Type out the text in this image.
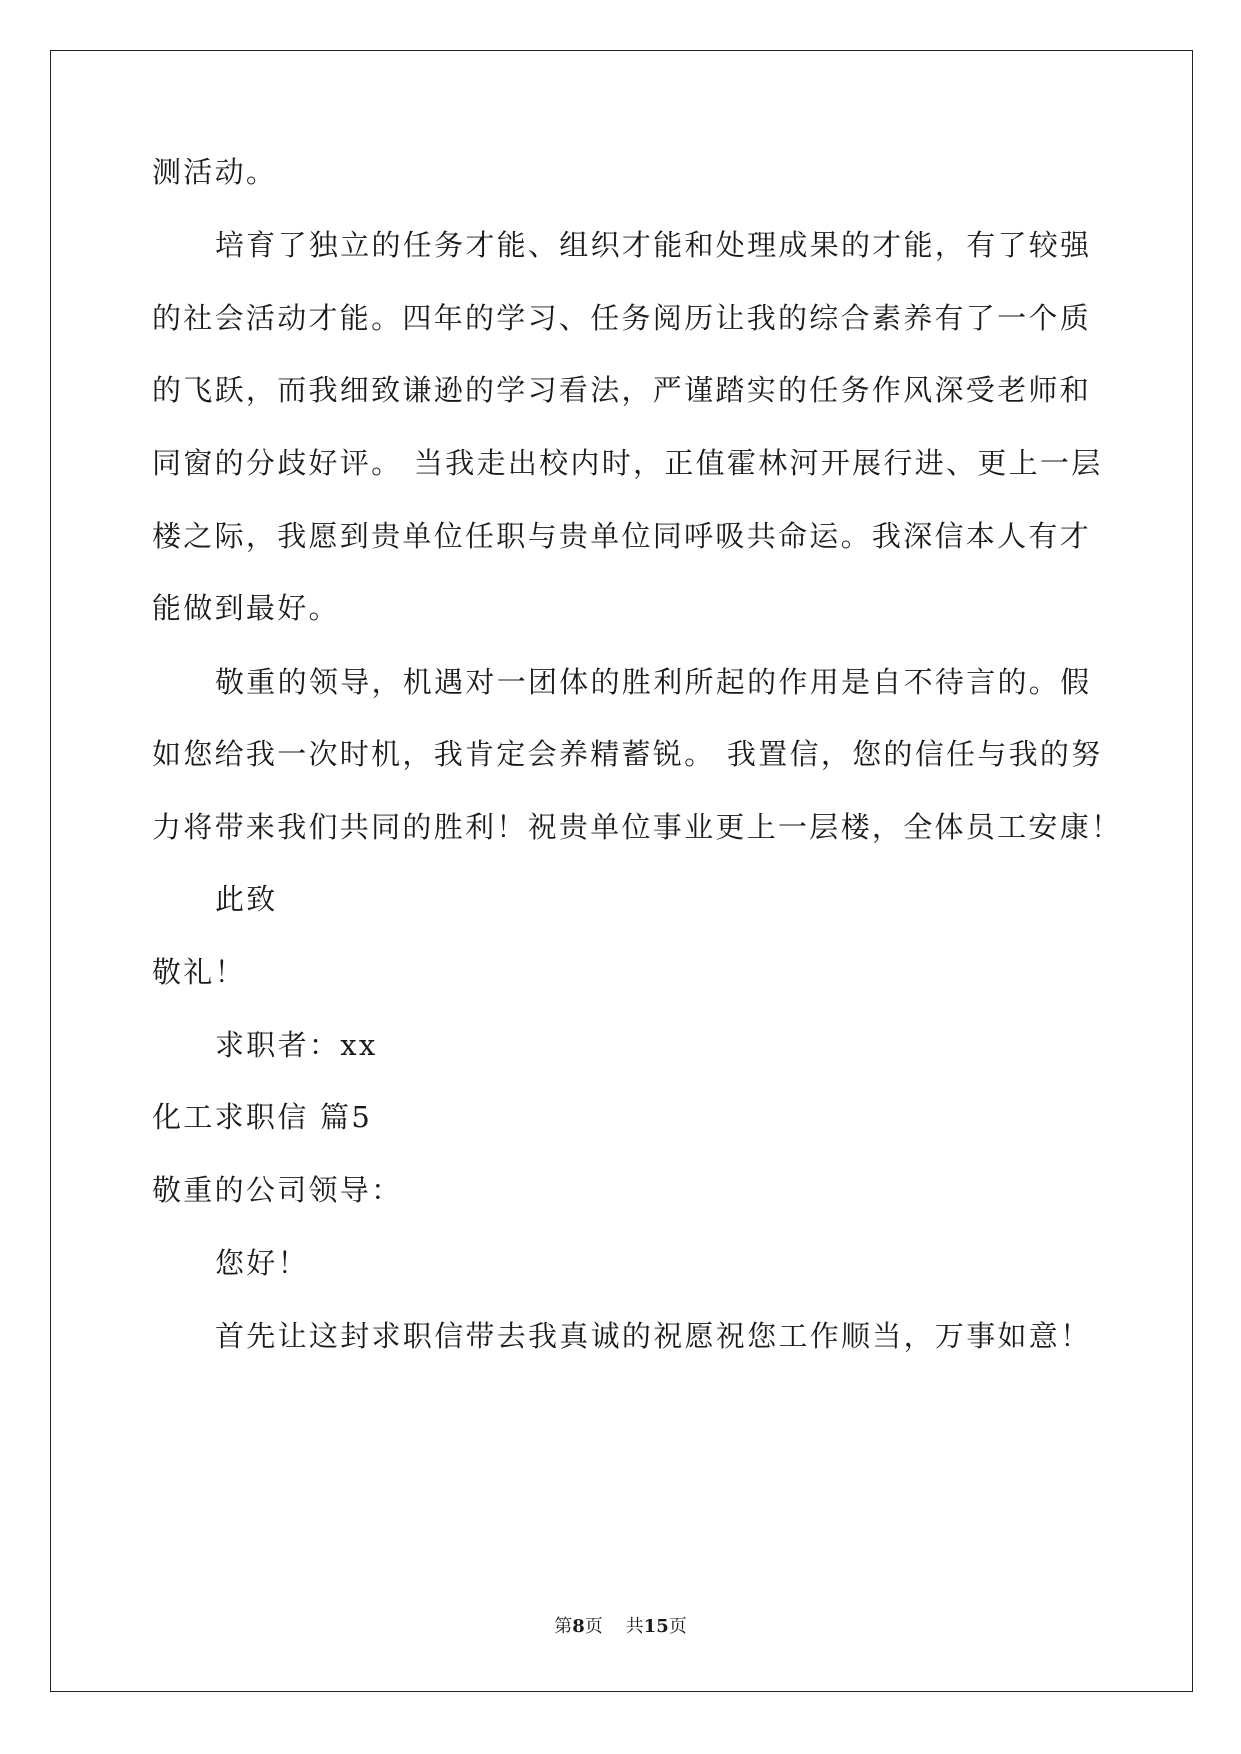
测活动。
培育了独立的任务才能、组织才能和处理成果的才能，有了较强
的社会活动才能。四年的学习、任务阅历让我的综合素养有了一个质
的飞跃，而我细致谦逊的学习看法，严谨踏实的任务作风深受老师和
同窗的分歧好评。 当我走出校内时，正值霍林河开展行进、更上一层
楼之际，我愿到贵单位任职与贵单位同呼吸共命运。我深信本人有才
能做到最好。
敬重的领导，机遇对一团体的胜利所起的作用是自不待言的。假
如您给我一次时机，我肯定会养精蓄锐。 我置信，您的信任与我的努
力将带来我们共同的胜利！祝贵单位事业更上一层楼，全体员工安康！
此致
敬礼！
求职者：xx
化工求职信 篇5
敬重的公司领导：
您好！
首先让这封求职信带去我真诚的祝愿祝您工作顺当，万事如意！
第8页 共15页
